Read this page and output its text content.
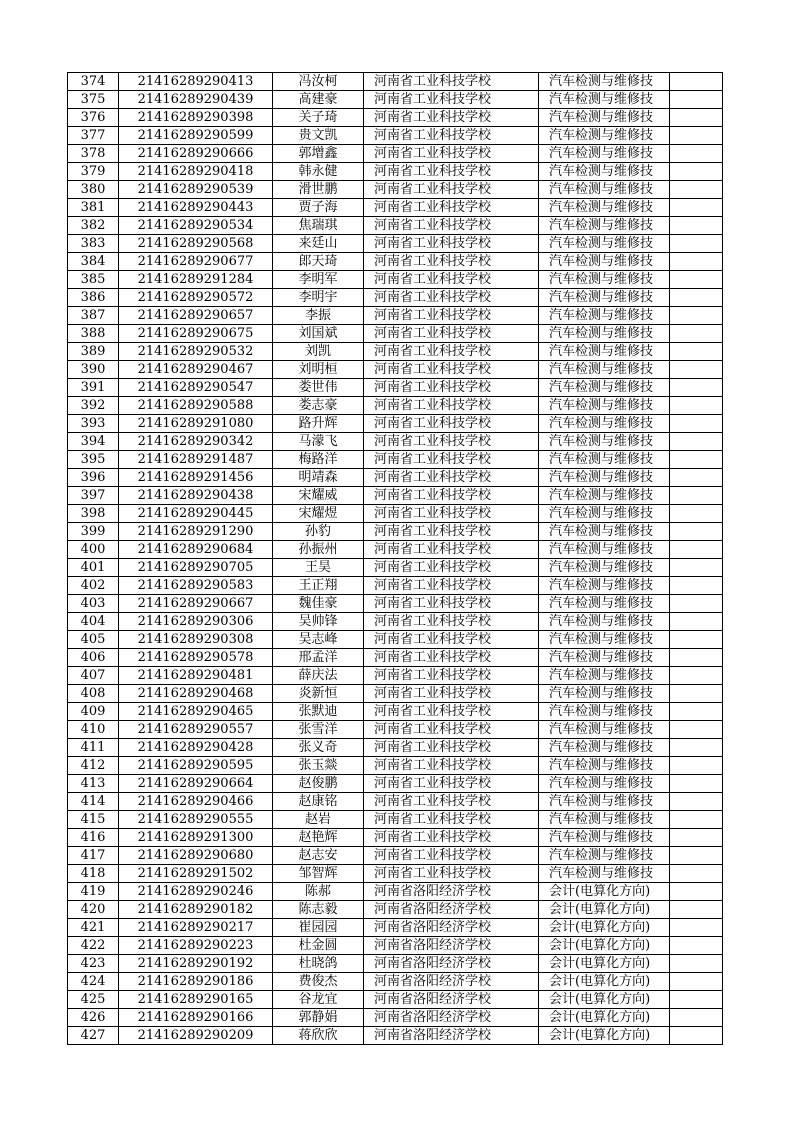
374	21416289290413	冯汝柯	河南省工业科技学校	汽车检测与维修技	
375	21416289290439	高建豪	河南省工业科技学校	汽车检测与维修技	
376	21416289290398	关子琦	河南省工业科技学校	汽车检测与维修技	
377	21416289290599	贵文凯	河南省工业科技学校	汽车检测与维修技	
378	21416289290666	郭增鑫	河南省工业科技学校	汽车检测与维修技	
379	21416289290418	韩永健	河南省工业科技学校	汽车检测与维修技	
380	21416289290539	滑世鹏	河南省工业科技学校	汽车检测与维修技	
381	21416289290443	贾子海	河南省工业科技学校	汽车检测与维修技	
382	21416289290534	焦瑞琪	河南省工业科技学校	汽车检测与维修技	
383	21416289290568	来廷山	河南省工业科技学校	汽车检测与维修技	
384	21416289290677	郎天琦	河南省工业科技学校	汽车检测与维修技	
385	21416289291284	李明军	河南省工业科技学校	汽车检测与维修技	
386	21416289290572	李明宇	河南省工业科技学校	汽车检测与维修技	
387	21416289290657	李振	河南省工业科技学校	汽车检测与维修技	
388	21416289290675	刘国斌	河南省工业科技学校	汽车检测与维修技	
389	21416289290532	刘凯	河南省工业科技学校	汽车检测与维修技	
390	21416289290467	刘明桓	河南省工业科技学校	汽车检测与维修技	
391	21416289290547	娄世伟	河南省工业科技学校	汽车检测与维修技	
392	21416289290588	娄志豪	河南省工业科技学校	汽车检测与维修技	
393	21416289291080	路升辉	河南省工业科技学校	汽车检测与维修技	
394	21416289290342	马濛飞	河南省工业科技学校	汽车检测与维修技	
395	21416289291487	梅路洋	河南省工业科技学校	汽车检测与维修技	
396	21416289291456	明靖森	河南省工业科技学校	汽车检测与维修技	
397	21416289290438	宋耀威	河南省工业科技学校	汽车检测与维修技	
398	21416289290445	宋耀煜	河南省工业科技学校	汽车检测与维修技	
399	21416289291290	孙豹	河南省工业科技学校	汽车检测与维修技	
400	21416289290684	孙振州	河南省工业科技学校	汽车检测与维修技	
401	21416289290705	王昊	河南省工业科技学校	汽车检测与维修技	
402	21416289290583	王正翔	河南省工业科技学校	汽车检测与维修技	
403	21416289290667	魏佳豪	河南省工业科技学校	汽车检测与维修技	
404	21416289290306	吴帅锋	河南省工业科技学校	汽车检测与维修技	
405	21416289290308	吴志峰	河南省工业科技学校	汽车检测与维修技	
406	21416289290578	邢孟洋	河南省工业科技学校	汽车检测与维修技	
407	21416289290481	薛庆法	河南省工业科技学校	汽车检测与维修技	
408	21416289290468	炎新恒	河南省工业科技学校	汽车检测与维修技	
409	21416289290465	张默迪	河南省工业科技学校	汽车检测与维修技	
410	21416289290557	张雪洋	河南省工业科技学校	汽车检测与维修技	
411	21416289290428	张义奇	河南省工业科技学校	汽车检测与维修技	
412	21416289290595	张玉燚	河南省工业科技学校	汽车检测与维修技	
413	21416289290664	赵俊鹏	河南省工业科技学校	汽车检测与维修技	
414	21416289290466	赵康铭	河南省工业科技学校	汽车检测与维修技	
415	21416289290555	赵岩	河南省工业科技学校	汽车检测与维修技	
416	21416289291300	赵艳辉	河南省工业科技学校	汽车检测与维修技	
417	21416289290680	赵志安	河南省工业科技学校	汽车检测与维修技	
418	21416289291502	邹智辉	河南省工业科技学校	汽车检测与维修技	
419	21416289290246	陈郝	河南省洛阳经济学校	会计(电算化方向)	
420	21416289290182	陈志毅	河南省洛阳经济学校	会计(电算化方向)	
421	21416289290217	崔园园	河南省洛阳经济学校	会计(电算化方向)	
422	21416289290223	杜金圆	河南省洛阳经济学校	会计(电算化方向)	
423	21416289290192	杜晓鸽	河南省洛阳经济学校	会计(电算化方向)	
424	21416289290186	费俊杰	河南省洛阳经济学校	会计(电算化方向)	
425	21416289290165	谷龙宜	河南省洛阳经济学校	会计(电算化方向)	
426	21416289290166	郭静娟	河南省洛阳经济学校	会计(电算化方向)	
427	21416289290209	蒋欣欣	河南省洛阳经济学校	会计(电算化方向)	
